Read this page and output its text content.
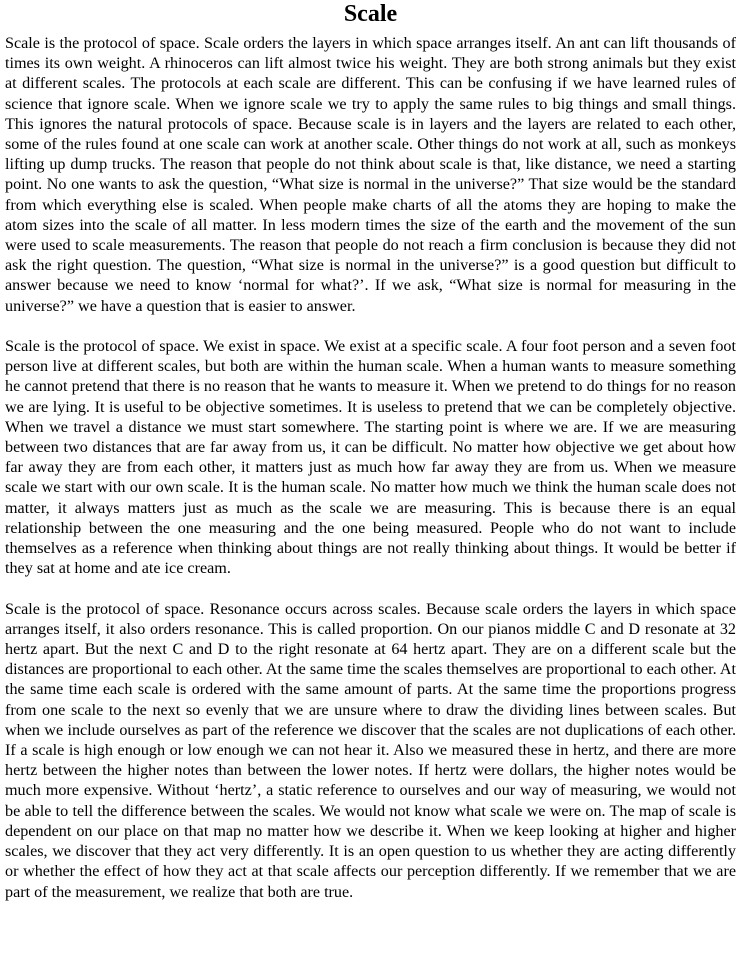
Scale

Scale is the protocol of space. Scale orders the layers in which space arranges itself. An ant can lift thousands of times its own weight. A rhinoceros can lift almost twice his weight. They are both strong animals but they exist at different scales. The protocols at each scale are different. This can be confusing if we have learned rules of science that ignore scale. When we ignore scale we try to apply the same rules to big things and small things. This ignores the natural protocols of space. Because scale is in layers and the layers are related to each other, some of the rules found at one scale can work at another scale. Other things do not work at all, such as monkeys lifting up dump trucks. The reason that people do not think about scale is that, like distance, we need a starting point. No one wants to ask the question, “What size is normal in the universe?” That size would be the standard from which everything else is scaled. When people make charts of all the atoms they are hoping to make the atom sizes into the scale of all matter. In less modern times the size of the earth and the movement of the sun were used to scale measurements. The reason that people do not reach a firm conclusion is because they did not ask the right question. The question, “What size is normal in the universe?” is a good question but difficult to answer because we need to know ‘normal for what?’. If we ask, “What size is normal for measuring in the universe?” we have a question that is easier to answer.

Scale is the protocol of space. We exist in space. We exist at a specific scale. A four foot person and a seven foot person live at different scales, but both are within the human scale. When a human wants to measure something he cannot pretend that there is no reason that he wants to measure it. When we pretend to do things for no reason we are lying. It is useful to be objective sometimes. It is useless to pretend that we can be completely objective. When we travel a distance we must start somewhere. The starting point is where we are. If we are measuring between two distances that are far away from us, it can be difficult. No matter how objective we get about how far away they are from each other, it matters just as much how far away they are from us. When we measure scale we start with our own scale. It is the human scale. No matter how much we think the human scale does not matter, it always matters just as much as the scale we are measuring. This is because there is an equal relationship between the one measuring and the one being measured. People who do not want to include themselves as a reference when thinking about things are not really thinking about things. It would be better if they sat at home and ate ice cream.

Scale is the protocol of space. Resonance occurs across scales. Because scale orders the layers in which space arranges itself, it also orders resonance. This is called proportion. On our pianos middle C and D resonate at 32 hertz apart. But the next C and D to the right resonate at 64 hertz apart. They are on a different scale but the distances are proportional to each other. At the same time the scales themselves are proportional to each other. At the same time each scale is ordered with the same amount of parts. At the same time the proportions progress from one scale to the next so evenly that we are unsure where to draw the dividing lines between scales. But when we include ourselves as part of the reference we discover that the scales are not duplications of each other. If a scale is high enough or low enough we can not hear it. Also we measured these in hertz, and there are more hertz between the higher notes than between the lower notes. If hertz were dollars, the higher notes would be much more expensive. Without ‘hertz’, a static reference to ourselves and our way of measuring, we would not be able to tell the difference between the scales. We would not know what scale we were on. The map of scale is dependent on our place on that map no matter how we describe it. When we keep looking at higher and higher scales, we discover that they act very differently. It is an open question to us whether they are acting differently or whether the effect of how they act at that scale affects our perception differently. If we remember that we are part of the measurement, we realize that both are true.
